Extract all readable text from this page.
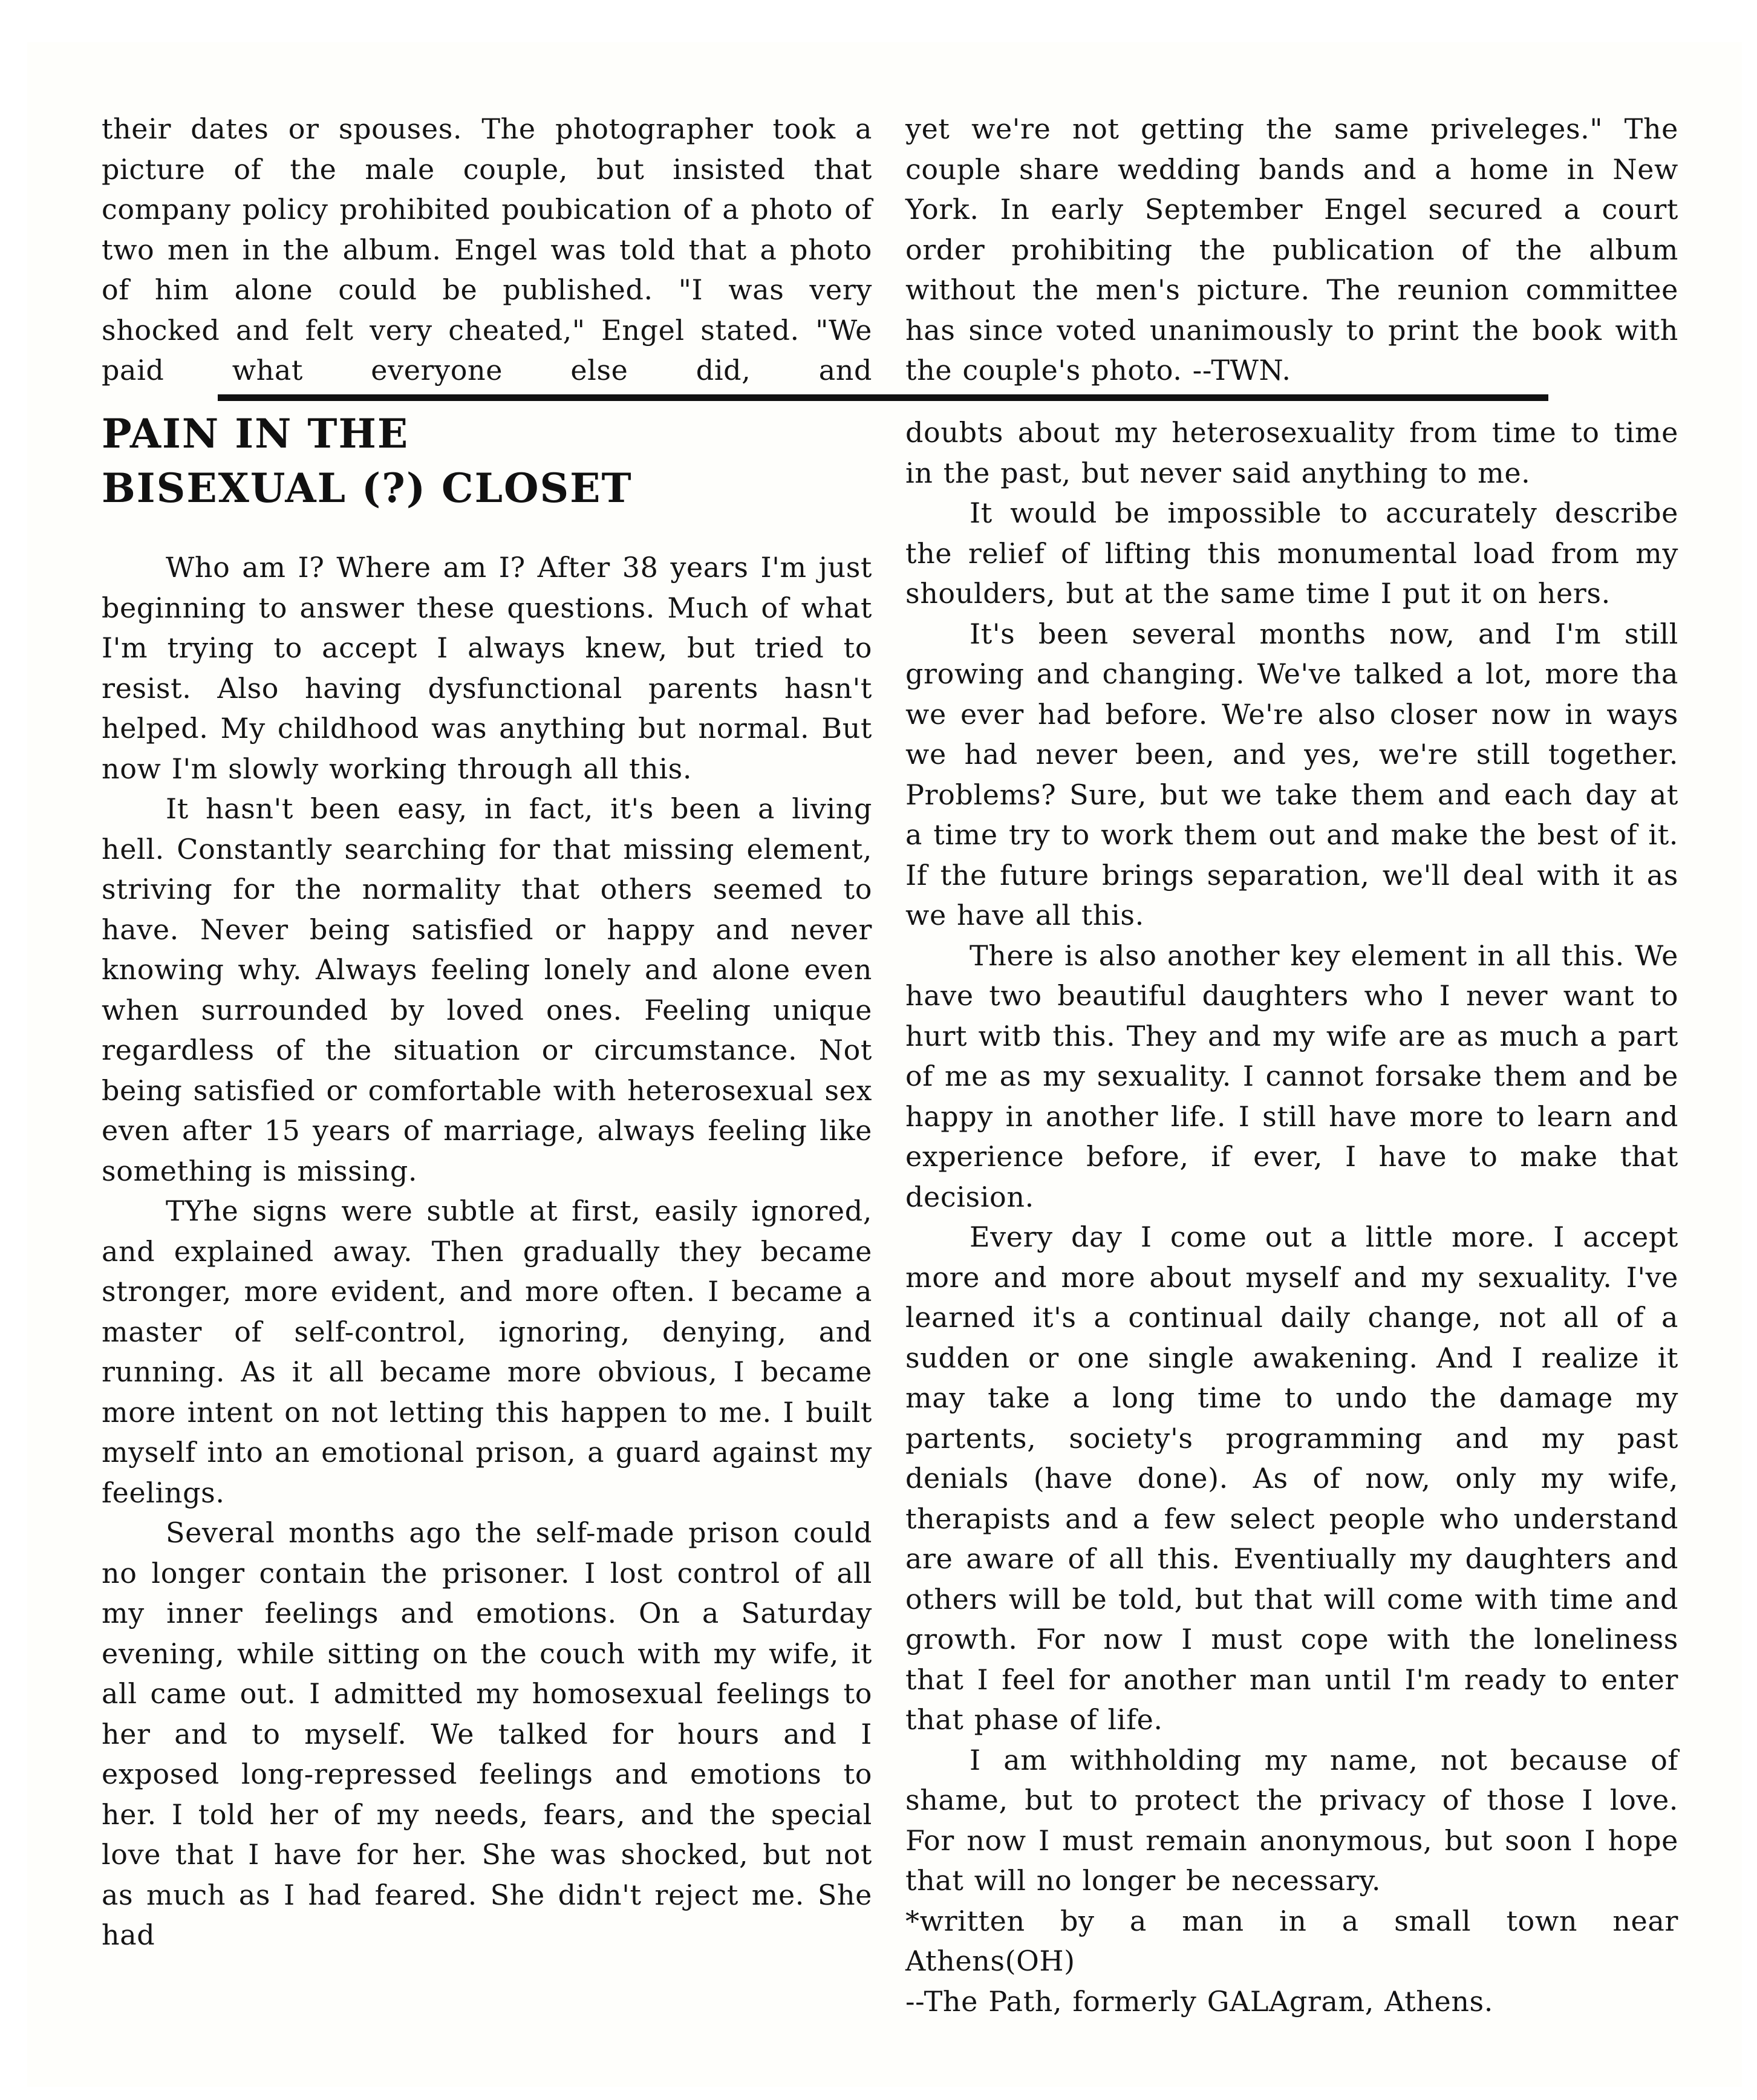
their dates or spouses. The photographer took a picture of the male couple, but insisted that company policy prohibited poubication of a photo of two men in the album. Engel was told that a photo of him alone could be published. "I was very shocked and felt very cheated," Engel stated. "We paid what everyone else did, and

yet we're not getting the same priveleges." The couple share wedding bands and a home in New York. In early September Engel secured a court order prohibiting the publication of the album without the men's picture. The reunion committee has since voted unanimously to print the book with the couple's photo. --TWN.

PAIN IN THE
BISEXUAL (?) CLOSET

Who am I? Where am I? After 38 years I'm just beginning to answer these questions. Much of what I'm trying to accept I always knew, but tried to resist. Also having dysfunctional parents hasn't helped. My childhood was anything but normal. But now I'm slowly working through all this.

It hasn't been easy, in fact, it's been a living hell. Constantly searching for that missing element, striving for the normality that others seemed to have. Never being satisfied or happy and never knowing why. Always feeling lonely and alone even when surrounded by loved ones. Feeling unique regardless of the situation or circumstance. Not being satisfied or comfortable with heterosexual sex even after 15 years of marriage, always feeling like something is missing.

TYhe signs were subtle at first, easily ignored, and explained away. Then gradually they became stronger, more evident, and more often. I became a master of self-control, ignoring, denying, and running. As it all became more obvious, I became more intent on not letting this happen to me. I built myself into an emotional prison, a guard against my feelings.

Several months ago the self-made prison could no longer contain the prisoner. I lost control of all my inner feelings and emotions. On a Saturday evening, while sitting on the couch with my wife, it all came out. I admitted my homosexual feelings to her and to myself. We talked for hours and I exposed long-repressed feelings and emotions to her. I told her of my needs, fears, and the special love that I have for her. She was shocked, but not as much as I had feared. She didn't reject me. She had

doubts about my heterosexuality from time to time in the past, but never said anything to me.

It would be impossible to accurately describe the relief of lifting this monumental load from my shoulders, but at the same time I put it on hers.

It's been several months now, and I'm still growing and changing. We've talked a lot, more tha we ever had before. We're also closer now in ways we had never been, and yes, we're still together. Problems? Sure, but we take them and each day at a time try to work them out and make the best of it. If the future brings separation, we'll deal with it as we have all this.

There is also another key element in all this. We have two beautiful daughters who I never want to hurt witb this. They and my wife are as much a part of me as my sexuality. I cannot forsake them and be happy in another life. I still have more to learn and experience before, if ever, I have to make that decision.

Every day I come out a little more. I accept more and more about myself and my sexuality. I've learned it's a continual daily change, not all of a sudden or one single awakening. And I realize it may take a long time to undo the damage my partents, society's programming and my past denials (have done). As of now, only my wife, therapists and a few select people who understand are aware of all this. Eventiually my daughters and others will be told, but that will come with time and growth. For now I must cope with the loneliness that I feel for another man until I'm ready to enter that phase of life.

I am withholding my name, not because of shame, but to protect the privacy of those I love. For now I must remain anonymous, but soon I hope that will no longer be necessary.

*written by a man in a small town near

Athens(OH)

--The Path, formerly GALAgram, Athens.
